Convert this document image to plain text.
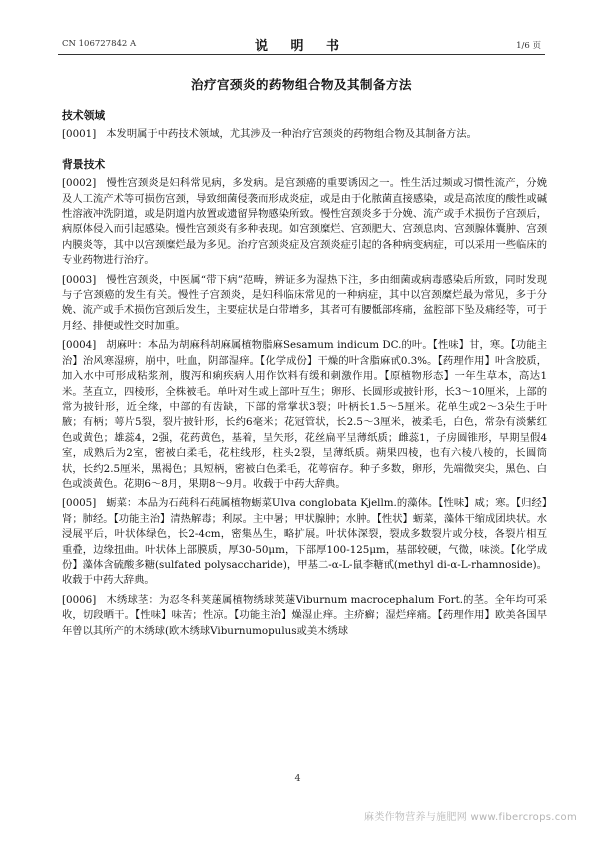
CN 106727842 A	说 明 书	1/6 页
治疗宫颈炎的药物组合物及其制备方法
技术领域

[0001] 本发明属于中药技术领域，尤其涉及一种治疗宫颈炎的药物组合物及其制备方法。

背景技术

[0002] 慢性宫颈炎是妇科常见病，多发病。是宫颈癌的重要诱因之一。性生活过频或习惯性流产，分娩及人工流产术等可损伤宫颈，导致细菌侵袭而形成炎症，或是由于化脓菌直接感染，或是高浓度的酸性或碱性溶液冲洗阴道，或是阴道内放置或遗留异物感染所致。慢性宫颈炎多于分娩、流产或手术损伤子宫颈后，病原体侵入而引起感染。慢性宫颈炎有多种表现。如宫颈糜烂、宫颈肥大、宫颈息肉、宫颈腺体囊肿、宫颈内膜炎等，其中以宫颈糜烂最为多见。治疗宫颈炎症及宫颈炎症引起的各种病变病症，可以采用一些临床的专业药物进行治疗。

[0003] 慢性宫颈炎，中医属“带下病”范畴，辨证多为湿热下注，多由细菌或病毒感染后所致，同时发现与子宫颈癌的发生有关。慢性子宫颈炎，是妇科临床常见的一种病症，其中以宫颈糜烂最为常见，多于分娩、流产或手术损伤宫颈后发生，主要症状是白带增多，其者可有腰骶部疼痛，盆腔部下坠及痛经等，可于月经、排便或性交时加重。

[0004] 胡麻叶：本品为胡麻科胡麻属植物脂麻Sesamum indicum DC.的叶。【性味】甘，寒。【功能主治】治风寒湿痹，崩中，吐血，阴部湿痒。【化学成份】干燥的叶含脂麻甙0.3%。【药理作用】叶含胶质，加入水中可形成粘浆剂，腹泻和痢疾病人用作饮料有缓和刺激作用。【原植物形态】一年生草本，高达1米。茎直立，四棱形，全株被毛。单叶对生或上部叶互生；卵形、长圆形或披针形，长3～10厘米，上部的常为披针形，近全缘，中部的有齿缺，下部的常掌状3裂；叶柄长1.5～5厘米。花单生或2～3朵生于叶腋；有柄；萼片5裂，裂片披针形，长约6毫米；花冠管状，长2.5～3厘米，被柔毛，白色，常杂有淡紫红色或黄色；雄蕊4，2强，花药黄色，基着，呈矢形，花丝扁平呈薄纸质；雌蕊1，子房圆锥形，早期呈假4室，成熟后为2室，密被白柔毛，花柱线形，柱头2裂，呈薄纸质。蒴果四棱，也有六棱八棱的，长圆筒状，长约2.5厘米，黑褐色；具短柄，密被白色柔毛，花萼宿存。种子多数，卵形，先端微突尖，黑色、白色或淡黄色。花期6～8月，果期8～9月。收载于中药大辞典。

[0005] 蛎菜：本品为石莼科石莼属植物蛎菜Ulva conglobata Kjellm.的藻体。【性味】咸；寒。【归经】肾；肺经。【功能主治】清热解毒；利尿。主中暑；甲状腺肿；水肿。【性状】蛎菜，藻体干缩成团块状。水浸展平后，叶状体绿色，长2-4cm，密集丛生，略扩展。叶状体深裂，裂成多数裂片或分枝，各裂片相互重叠，边缘扭曲。叶状体上部膜质，厚30-50μm，下部厚100-125μm，基部较硬，气微，味淡。【化学成份】藻体含硫酸多糖(sulfated polysaccharide)，甲基二-α-L-鼠李糖甙(methyl di-α-L-rhamnoside)。收载于中药大辞典。

[0006] 木绣球茎：为忍冬科荚蒾属植物绣球荚蒾Viburnum macrocephalum Fort.的茎。全年均可采收，切段晒干。【性味】味苦；性凉。【功能主治】燥湿止痒。主疥癣；湿烂痒痛。【药理作用】欧美各国早年曾以其所产的木绣球(欧木绣球Viburnumopulus或美木绣球

4
麻类作物营养与施肥网 www.fibercrops.com
